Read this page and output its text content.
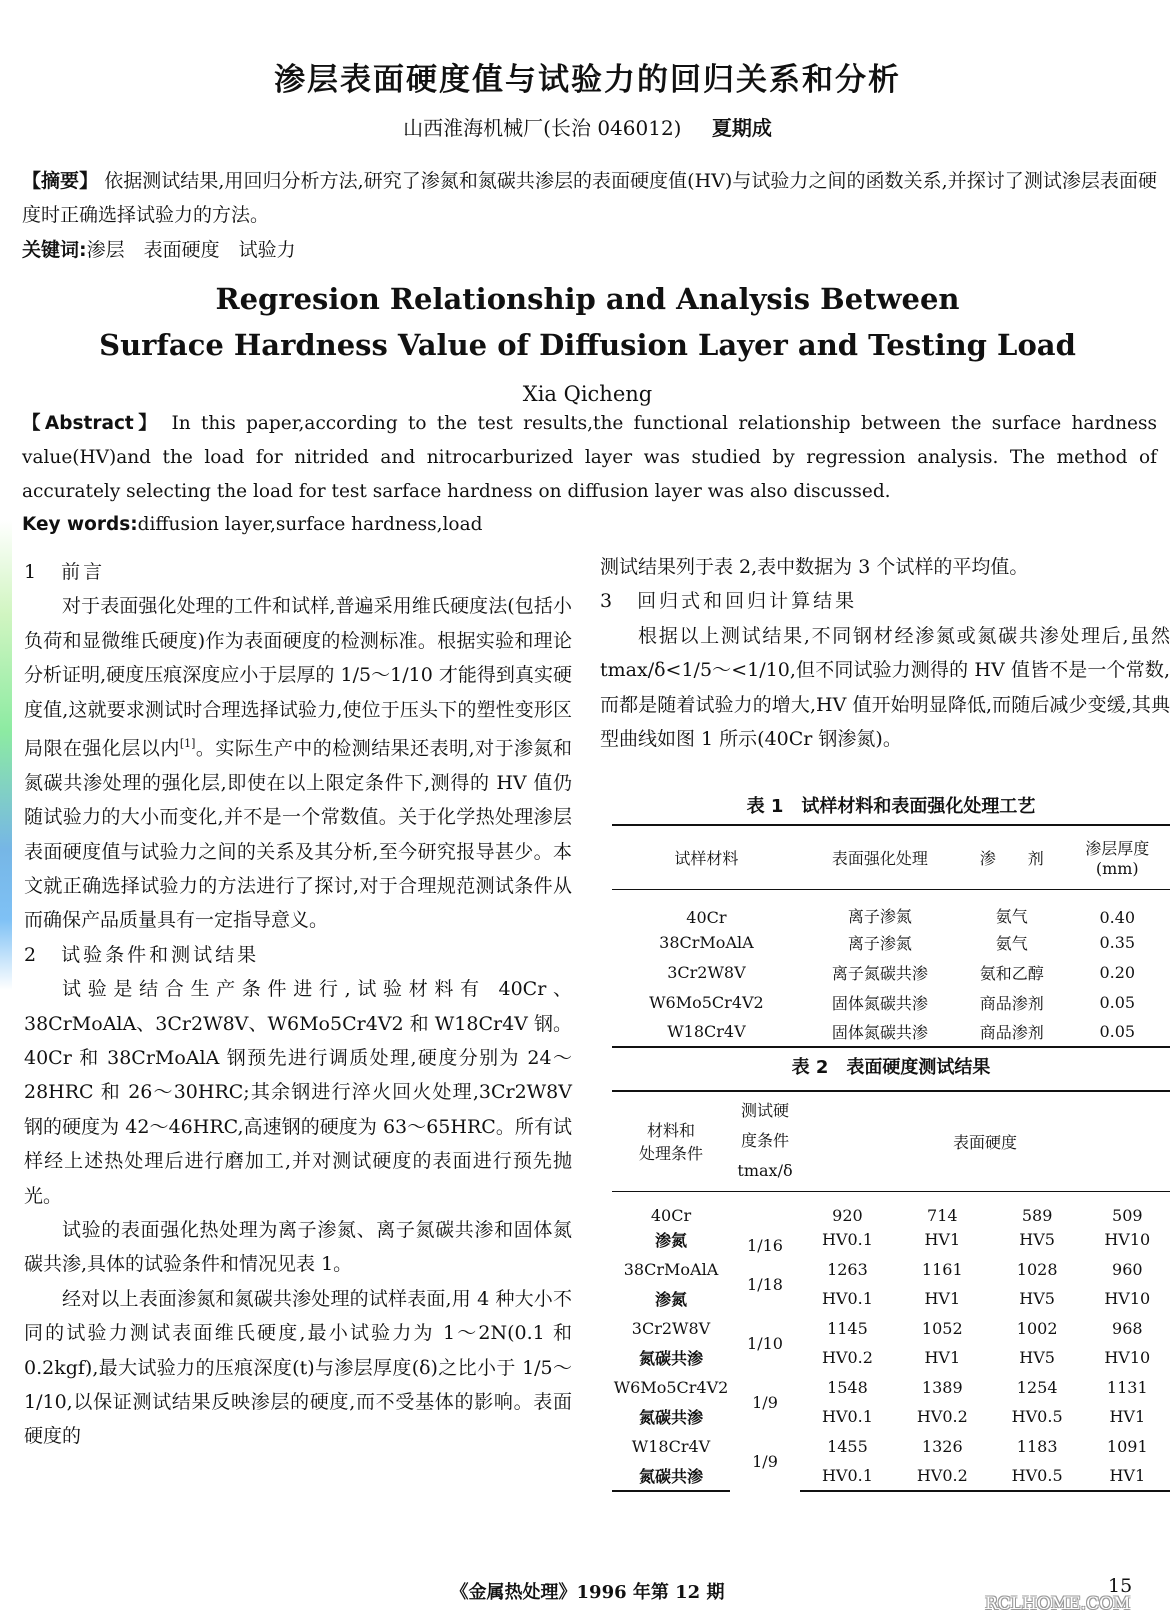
渗层表面硬度值与试验力的回归关系和分析
山西淮海机械厂(长治 046012) 夏期成
【摘要】 依据测试结果,用回归分析方法,研究了渗氮和氮碳共渗层的表面硬度值(HV)与试验力之间的函数关系,并探讨了测试渗层表面硬度时正确选择试验力的方法。
关键词:渗层　表面硬度　试验力
Regresion Relationship and Analysis Between
Surface Hardness Value of Diffusion Layer and Testing Load
Xia Qicheng
【Abstract】 In this paper,according to the test results,the functional relationship between the surface hardness value(HV)and the load for nitrided and nitrocarburized layer was studied by regression analysis. The method of accurately selecting the load for test sarface hardness on diffusion layer was also discussed.
Key words:diffusion layer,surface hardness,load

1　前言

对于表面强化处理的工件和试样,普遍采用维氏硬度法(包括小负荷和显微维氏硬度)作为表面硬度的检测标准。根据实验和理论分析证明,硬度压痕深度应小于层厚的 1/5～1/10 才能得到真实硬度值,这就要求测试时合理选择试验力,使位于压头下的塑性变形区局限在强化层以内[1]。实际生产中的检测结果还表明,对于渗氮和氮碳共渗处理的强化层,即使在以上限定条件下,测得的 HV 值仍随试验力的大小而变化,并不是一个常数值。关于化学热处理渗层表面硬度值与试验力之间的关系及其分析,至今研究报导甚少。本文就正确选择试验力的方法进行了探讨,对于合理规范测试条件从而确保产品质量具有一定指导意义。

2　试验条件和测试结果

试验是结合生产条件进行,试验材料有 40Cr、38CrMoAlA、3Cr2W8V、W6Mo5Cr4V2 和 W18Cr4V 钢。40Cr 和 38CrMoAlA 钢预先进行调质处理,硬度分别为 24～28HRC 和 26～30HRC;其余钢进行淬火回火处理,3Cr2W8V 钢的硬度为 42～46HRC,高速钢的硬度为 63～65HRC。所有试样经上述热处理后进行磨加工,并对测试硬度的表面进行预先抛光。

试验的表面强化热处理为离子渗氮、离子氮碳共渗和固体氮碳共渗,具体的试验条件和情况见表 1。

经对以上表面渗氮和氮碳共渗处理的试样表面,用 4 种大小不同的试验力测试表面维氏硬度,最小试验力为 1～2N(0.1 和 0.2kgf),最大试验力的压痕深度(t)与渗层厚度(δ)之比小于 1/5～1/10,以保证测试结果反映渗层的硬度,而不受基体的影响。表面硬度的

测试结果列于表 2,表中数据为 3 个试样的平均值。

3　回归式和回归计算结果

根据以上测试结果,不同钢材经渗氮或氮碳共渗处理后,虽然 tmax/δ<1/5～<1/10,但不同试验力测得的 HV 值皆不是一个常数,而都是随着试验力的增大,HV 值开始明显降低,而随后减少变缓,其典型曲线如图 1 所示(40Cr 钢渗氮)。

表 1　试样材料和表面强化处理工艺
试样材料	表面强化处理	渗　　剂	渗层厚度
(mm)
40Cr	离子渗氮	氨气	0.40
38CrMoAlA	离子渗氮	氨气	0.35
3Cr2W8V	离子氮碳共渗	氨和乙醇	0.20
W6Mo5Cr4V2	固体氮碳共渗	商品渗剂	0.05
W18Cr4V	固体氮碳共渗	商品渗剂	0.05
表 2　表面硬度测试结果
材料和
处理条件	测试硬
度条件
tmax/δ	表面硬度			
40Cr	1/16	920	714	589	509
渗氮		HV0.1	HV1	HV5	HV10
38CrMoAlA	1/18	1263	1161	1028	960
渗氮		HV0.1	HV1	HV5	HV10
3Cr2W8V	1/10	1145	1052	1002	968
氮碳共渗		HV0.2	HV1	HV5	HV10
W6Mo5Cr4V2	1/9	1548	1389	1254	1131
氮碳共渗		HV0.1	HV0.2	HV0.5	HV1
W18Cr4V	1/9	1455	1326	1183	1091
氮碳共渗		HV0.1	HV0.2	HV0.5	HV1
《金属热处理》1996 年第 12 期	15
RCLHOME.COM
